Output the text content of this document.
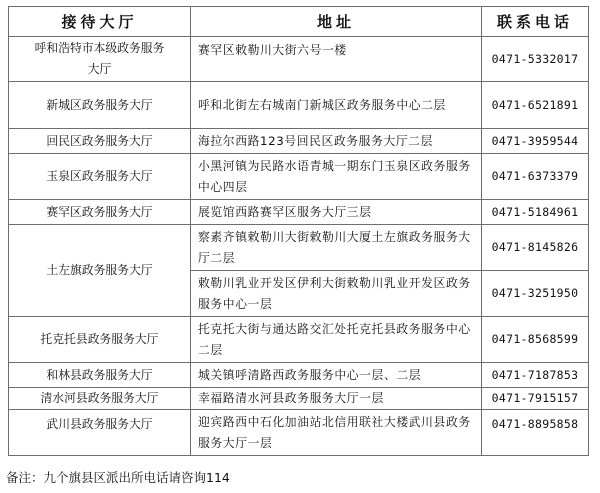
接待大厅	地址	联系电话
呼和浩特市本级政务服务大厅	赛罕区敕勒川大街六号一楼	0471-5332017
新城区政务服务大厅	呼和北街左右城南门新城区政务服务中心二层	0471-6521891
回民区政务服务大厅	海拉尔西路123号回民区政务服务大厅二层	0471-3959544
玉泉区政务服务大厅	小黑河镇为民路水语青城一期东门玉泉区政务服务中心四层	0471-6373379
赛罕区政务服务大厅	展览馆西路赛罕区服务大厅三层	0471-5184961
土左旗政务服务大厅	察素齐镇敕勒川大街敕勒川大厦土左旗政务服务大厅二层	0471-8145826
	敕勒川乳业开发区伊利大街敕勒川乳业开发区政务服务中心一层	0471-3251950
托克托县政务服务大厅	托克托大街与通达路交汇处托克托县政务服务中心二层	0471-8568599
和林县政务服务大厅	城关镇呼清路西政务服务中心一层、二层	0471-7187853
清水河县政务服务大厅	幸福路清水河县政务服务大厅一层	0471-7915157
武川县政务服务大厅	迎宾路西中石化加油站北信用联社大楼武川县政务服务大厅一层	0471-8895858
备注：九个旗县区派出所电话请咨询114
